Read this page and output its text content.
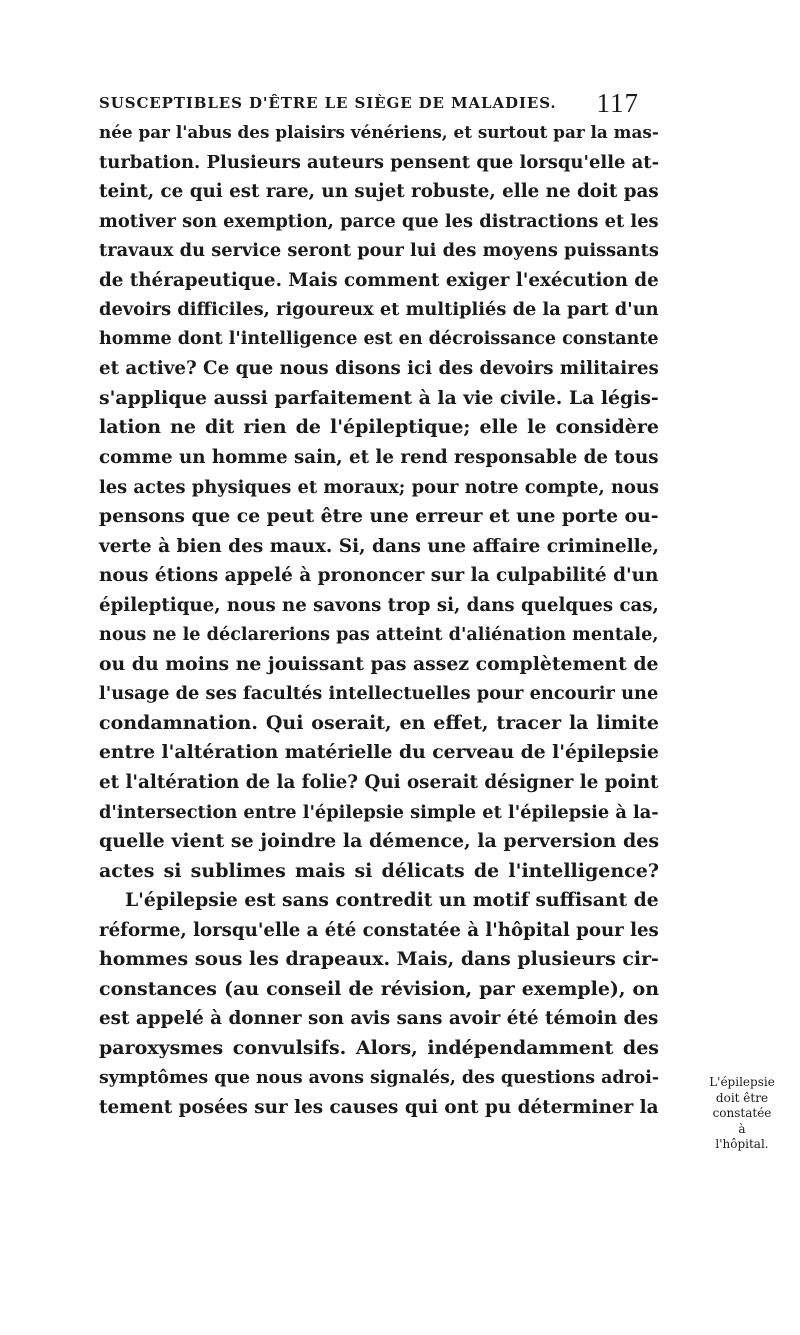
SUSCEPTIBLES D'ÊTRE LE SIÈGE DE MALADIES. 117
née par l'abus des plaisirs vénériens, et surtout par la mas-
turbation. Plusieurs auteurs pensent que lorsqu'elle at-
teint, ce qui est rare, un sujet robuste, elle ne doit pas
motiver son exemption, parce que les distractions et les
travaux du service seront pour lui des moyens puissants
de thérapeutique. Mais comment exiger l'exécution de
devoirs difficiles, rigoureux et multipliés de la part d'un
homme dont l'intelligence est en décroissance constante
et active? Ce que nous disons ici des devoirs militaires
s'applique aussi parfaitement à la vie civile. La légis-
lation ne dit rien de l'épileptique; elle le considère
comme un homme sain, et le rend responsable de tous
les actes physiques et moraux; pour notre compte, nous
pensons que ce peut être une erreur et une porte ou-
verte à bien des maux. Si, dans une affaire criminelle,
nous étions appelé à prononcer sur la culpabilité d'un
épileptique, nous ne savons trop si, dans quelques cas,
nous ne le déclarerions pas atteint d'aliénation mentale,
ou du moins ne jouissant pas assez complètement de
l'usage de ses facultés intellectuelles pour encourir une
condamnation. Qui oserait, en effet, tracer la limite
entre l'altération matérielle du cerveau de l'épilepsie
et l'altération de la folie? Qui oserait désigner le point
d'intersection entre l'épilepsie simple et l'épilepsie à la-
quelle vient se joindre la démence, la perversion des
actes si sublimes mais si délicats de l'intelligence?
L'épilepsie est sans contredit un motif suffisant de
réforme, lorsqu'elle a été constatée à l'hôpital pour les
hommes sous les drapeaux. Mais, dans plusieurs cir-
constances (au conseil de révision, par exemple), on
est appelé à donner son avis sans avoir été témoin des
paroxysmes convulsifs. Alors, indépendamment des
symptômes que nous avons signalés, des questions adroi-
tement posées sur les causes qui ont pu déterminer la
L'épilepsie
doit être
constatée
à
l'hôpital.
